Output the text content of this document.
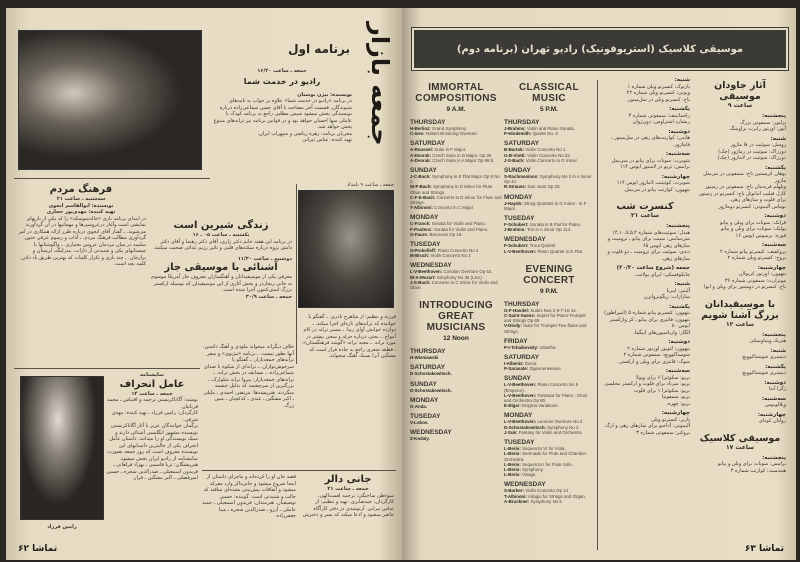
جمعه بازار
برنامه اول
جمعه ـ ساعت ۱۶/۳۰
رادیو در خدمت شما
نویسنده: بیژن بوستان
در برنامه «رادیو در خدمت شما» علاوه بر جواب به نامه‌های شنوندگان، قسمت آخر مصاحبه با آقای حسن شماعی‌زاده درباره نویسندگی پخش میشود سپس مطلبی راجع به برنامه کودک با عاملی سها احسان خواهد بود و در قوانین برنامه نیز ترانه‌های متنوع پخش خواهد شد.
مجریان برنامه: زهره ریاضی و سپهراب ایران.
تهیه کننده: عباس تیرانی
جمعه ـ ساعت ۹ بامداد
فرهنگ مردم
سه‌شنبه ـ ساعت ۲۱
نویسنده: ابوالقاسم انجوی
تهیه کننده: مهدی‌پور حجازی
در ابتدای برنامه بازی «خاله‌سوسکه» را که یکی از بازیهای نمایشی است وآغاز درعروسی‌ها و مهمانیها در آن گردآورند می‌شوند. ـ گفتار آقای انجوی درباره طرز ارائه همکاری در امر گردآوری مطالب فرهنگ مردم. ـ آداب و رسوم عرفی ختون سلیمه در میان مردمان عروس بختیاری. ـ واگوشتانها یا چیستانهای یکی و شنیدنی از داراب، بندرلنگه، لرستان و برازجان. ـ چند بازی و تکرار کلمات که بهترین طریق یاد دادن کلمه بچه است.
زندگی شیرین است
یکشنبه ـ ساعت ۰۵ ـ ۱۶
در برنامه این هفته خانم دکتر زاری، آقای دکتر رهنما و آقای دکتر دانش پژوه درباره سکته‌های قلبی و تاثیر رژیم غذائی صحبت میکنند.
دوشنبه ـ ساعت ۱۱/۳۰
آشنائی با موسیقی جاز
معرفی یکی از موسیقیدانان و آهنگسازان معروف جاز آمریکا موسوم به جانی ریچاردز و پخش آثاری از این موسیقیدان که بوسیله ارکستر بزرگ استن‌کنتون اجرا شده است.
جمعه ـ ساعت ۳۰/۹
خلاف دیگرانه میخواند ملودی و آهنگ داشتن، آنها بطور نیست. ـ برنامه «مژنوی» و سفر ترانه‌های جمعه‌بازار. ـ گفتگو با سرخوش‌نوازان. ـ ترانه‌ای از شکوه با صدای شماعی‌زاده. ـ مسابقه در بخش ترانه. ـ ترانه‌های جمعه‌بازار: پیروا ترانه شلوارک. ـ بزرگترین از سرچشمه که بدلیل چشمه میگردند. هنرپیشه‌ها: مرتضی احمدی ـ ملیلی ـ اکبر مشگین ـ عبدی ـ کدکچیان ـ مبین زرگ.
فرزند و تنظیم: از شاهرخ نادری. ـ گفتگو با خواننده که ترانه‌های تازه‌ای اجرا میکند. ـ دوازده خوانش آوای زیبا. ـ مسیر ترانه در کام آمواج. ـ بحثی درباره حزله و سخن بیشتر در مورد ترانه. ـ مجید ترانه «گوشه فرهنگستان». ـ قطعه شعری راجع به جاده فراز است که مشگین آنرا بسبک آهنگ میخواند.
رامین فرزاد
نمایشنامه
عامل انحراف
جمعه ـ ساعت ۱۴
نوشته: آگاتاکریستی ترجمه و اقتباس ـ محمد قربانیان.
کارگردان: رامین فرزاد ـ تهیه کننده: مهدی شرقی.
برگمان خوانندگان عزیز با آثار آگاتاکریستی نویسنده مشهور انگلیسی آشنائی دارند و سبک نویسندگی او را میدانند. داستان عامل انحراف یکی از جالبترین داستانهای این نویسنده معروف است که روز جمعه بصورت نمایشنامه از رادیو ایران پخش میشود.
هنرپیشگان: ثریا قاسمی ـ بهزاد فراهانی ـ فریدون اسمعیلی ـ صدرالدین شجره ـ حسین امیرفضلی ـ اکبر مشگین ـ فراز.	جانی دالر
جمعه ـ ساعت ۲۱
سوءظن ساختگی: ترجمه لعمت‌الهی. کارگردان: جیدصابری. تهیه و تنظیم: از عباس تیرانی. آرتوشدی در دفتر کارآگاه حاضر میشود و ادعا میکند که پسر و دخترش
قصد جان او را کرده‌اند و ماجرای داستان از اینجا شروع میشود و جانی‌دالر وارد معرکه میشود و اتفاقات پیش‌بینی نشده‌ای میافتد که جالب و شنیدنی است. گوینده: حسین توصیفیان. هنرمندان: فریدون اسمعیلی ـ حمید عاملی ـ آرزو ـ صدرالدین شجره ـ مینا جعفرزاده.
تماشا ۶۲
موسیقی کلاسیک (استریوفونیک) رادیو تهران (برنامه دوم)
IMMORTAL COMPOSITIONS
9 A.M.
THURSDAY
H-Berlioz: Grand Symphony.
C-Ives: Robert Browning Overture.
SATURDAY
A-Roussel: Suite in F Major.
A-Dvorak: Czech Suite in D Major. Op 39
A-Dvorak: Czech Suite in A Major Op 98 b.
SUNDAY
J-C-Bach: Symphony in E Flat Major Op 9 No 2.
W-F-Bach: Symphony in D Minor for Flute Oboe and Strings.
C-F-E-Bach: Concerto in D minor for Flute and Strings.
T-Albinoni: Concerto in C Major
MONDAY
C-Franck: Sonata for Violin and Piano.
F-Poulenc: Sonata for Violin and Piano.
G-Faure: Berceuse Op 16.
TUSEDAY
S-Prokofieff: Piano Concerto No 2
M-Bruch: Violin Concerto No 2
WEDNESDAY
L-V-Beethoven: Coriolan Overture Op 62.
W-A-Mozart: Simphony No 36 (Linz).
J-S-Bach: Concerto in C minor for Violin and Oboe.
INTRODUCING GREAT MUSICIANS
12 Noon
THURSDAY
H-Wieniawski
SATURDAY
D-Schostakowitsch.
SUNDAY
D-Schostakowitsch.
MONDAY
G-Anda.
TUSEDAY
V-Lobos.
WEDNESDAY
Z-Kodaly.
CLASSICAL MUSIC
5 P.M.
THURSDAY
J-Brahms: Violin and Piano Sonata.
P-Hindemith: Quarte No. 3
SATURDAY
B-Bartok: Violin Concerto No 1
G-B-Viotti: Violin Concerto No 22
J-S-Bach: Violin Concerto in G minor.
SUNDAY
S-Rachmaninov: Symphony No 3 in A minor Op 44
R-Strauss: Don Juan Op 20.
MONDAY
J-Haydn: String Quartets in G minor - in F Major.
TUSEDAY
F-Schubert: Sonata in B Flat for Piano.
J-Brahms: Trio in A minor Op 114.
WEDNESDAY
F-Schubert: Trout Quintet
L-V-Beethoven: Piano Quartet in E Flat.
EVENING CONCERT
9 P.M.
THURSDAY
G-F-Handel: Suites Nos 2-5-7-10-14.
C-Saint-Saens: Septet for Piano-Trumpet and Strings Op 65
V-Dindy: Suite for Trumpet-Two flutes and Strings.
FRIDAY
P-I-Tchaikovsky: Iolantha.
SATURDAY
I-Albeniz: Iberia.
P-Sarasate: Zigeunerweisen.
SUNDAY
L-V-Beethoven: Piano Concerto No 5 (Emperor).
L-V-Beethoven: Fantasia for Piano - Choir and Orchestra Op 80.
E-Elgar: Enigma Variations.
MONDAY
L-V-Beethoven: Leonore Overture No 2
D-Schostakowitsch: Symphony No 2
J-Suk: Fantasy for Violin and Orchestra
TUSEDAY
L-Berio: Sequenza VI for Viola.
L-Berio: Serenade for Flute and Chamber Orchestra.
L-Berio: Sequenza I for Flute Solo.
L-Berio: Symphony.
L-Berio: Visage.
WEDNESDAY
S-Barber: Violin Concerto Op 14
T-Albinoni: Adagio for Strings and Organ.
A-Bruckner: Symphony No 5
شنبه:
بارتوک: کنسرتو ویلن شماره ۱
ویوتی: کنسرتو ویلن شماره ۲۲
باخ: کنسرتو ویلن در سل‌مینور.
یکشنبه:
راخمانینف: سمفونی شماره ۳
ریشارد اشتراوس: دون‌ژوان
دوشنبه:
هایدن: کوارتت‌های زهی در سل‌مینور ـ فاماژور.
سه‌شنبه:
شوبرت: سونات برای پیانو در سی‌بمل
برامس: تریو در لامینور اپوس ۱۱۴
چهارشنبه:
شوبرت: کوئینتت لاماژور اپوس ۱۱۴
بتهوون: کوارتت پیانو در می‌بمل.
کنسرت شب
ساعت ۲۱
پنجشنبه:
هندل: سوئیت‌های شماره ۲ـ۵ـ۷ـ۱۰ـ۱۴
سن‌سانس: سپتت برای پیانو ـ ترومپت و سازهای زهی اپوس ۶۵
دندی: سوئیت برای ترومپت ـ دو فلوت و سازهای زهی.
جمعه (شروع ساعت ۲۰/۳۰)
چایکوفسکی: اپرای یولانت.
شنبه:
آلبنیز: ایبریا
سارازات: زیگونروایزن
یکشنبه:
بتهوون: کنسرتو پیانو شماره ۵ (امپراطور)
بتهوون: فانتزی برای پیانو ـ کر وارکستر اپوس ۸۰
الگار: واریاسیون‌های انیگما.
دوشنبه:
بتهوون: لئونور اورتور شماره ۲
شوستاکوویچ: سمفونی شماره ۲
سوک: فانتزی برای ویلن و ارکستر.
سه‌شنبه:
بریو: سکوئنزا ۶ برای ویولا
بریو: سرناد برای فلوت و ارکستر مجلسی
بریو: سکوئنزا ۱ برای فلوت
بریو: سمفونیا
بریو: چهره.
چهارشنبه:
باربر: کنسرتو ویلن
آلبینونی: آداجیو برای سازهای زهی و ارگ.
بروکنر: سمفونی شماره ۳
آثار جاودان موسیقی
ساعت ۹
پنجشنبه:
برلیوز: سمفونی بزرگ
آیوز: اورتور رابرت براونینگ.
شنبه:
روسل: سوئیت در فا ماژور
دورژاک: سوئیت در رماژور (چک)
دورژاک: سوئیت در لاماژور (چک)
یکشنبه:
یوهان کریستین باخ: سمفونی در می‌بمل ماژور
ویلهلم فریدمان باخ: سمفونی در رمینور
کارل فیلیپ امانوئل باخ: کنسرتو در رمینور برای فلوت و سازهای زهی.
توماس آلبینونی: کنسرتو دوماژور
دوشنبه:
فرانک: سونات برای ویلن و پیانو
پولنک: سونات برای ویلن و پیانو
فوره: برسوس اپوس ۱۶
سه‌شنبه:
پروکفیف: کنسرتو پیانو شماره ۲
بروخ: کنسرتو ویلن شماره ۲
چهارشنبه:
بتهوون: اورتور کریولان
موتزارت: سمفونی شماره ۳۶
باخ: کنسرتو در دومینور برای ویلن و ابوا
با موسیقیدانان بزرگ آشنا شویم
ساعت ۱۲
پنجشنبه:
هنریک ویتیاوسکی
شنبه:
دیمیتری شوستاکوویچ
یکشنبه:
دیمیتری شوستاکوویچ
دوشنبه:
ژگرا آندا
سه‌شنبه:
ویلالوبوس
چهارشنبه:
زولتان کودای
موسیقی کلاسیک
ساعت ۱۷
پنجشنبه:
برامس: سونات برای ویلن و پیانو
هیندمیت: کوارتت شماره ۳
تماشا ۶۳
